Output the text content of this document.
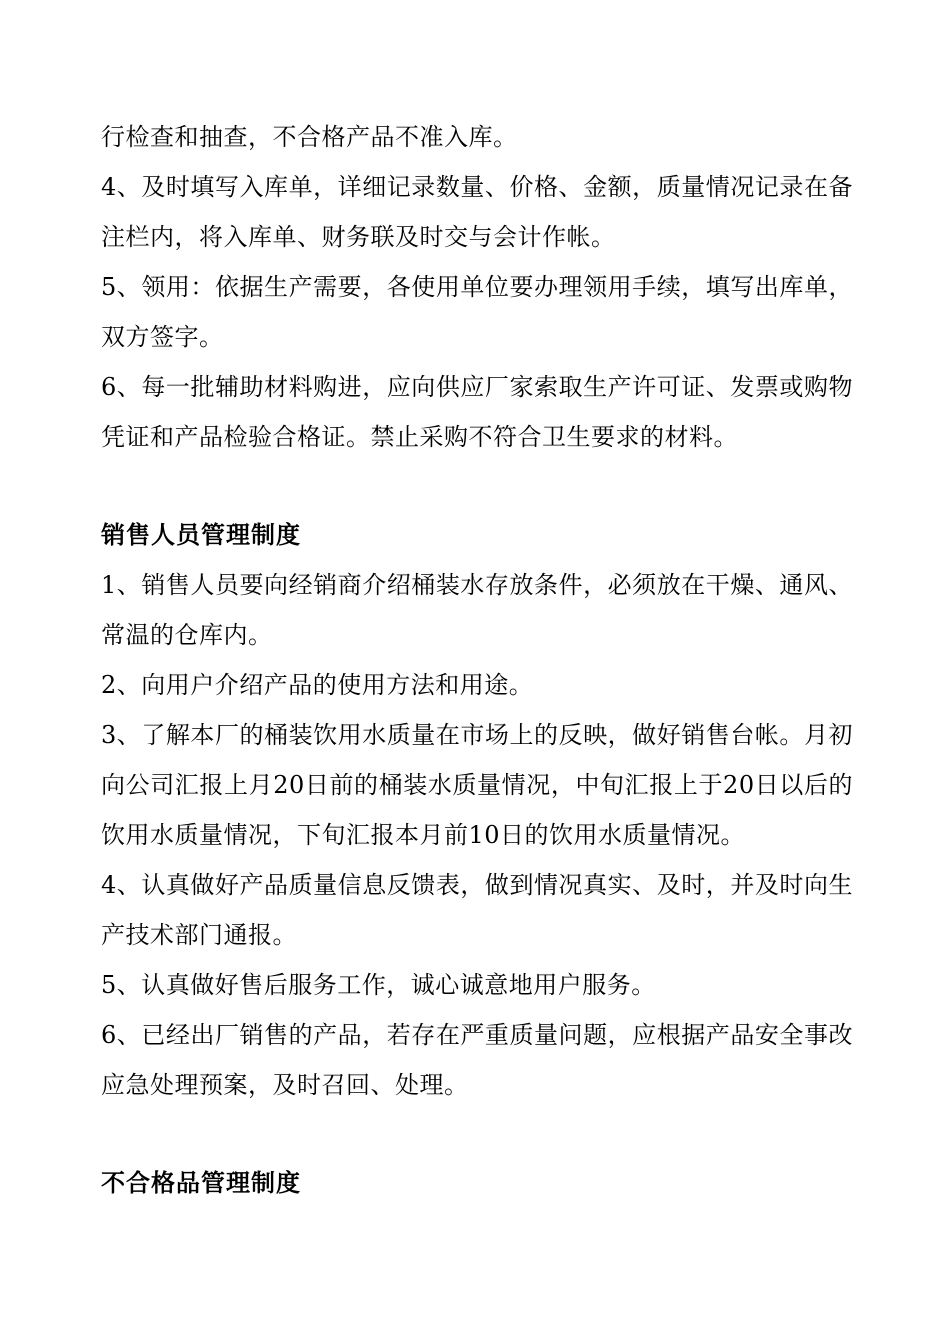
行检查和抽查，不合格产品不准入库。

4、及时填写入库单，详细记录数量、价格、金额，质量情况记录在备注栏内，将入库单、财务联及时交与会计作帐。

5、领用：依据生产需要，各使用单位要办理领用手续，填写出库单，双方签字。

6、每一批辅助材料购进，应向供应厂家索取生产许可证、发票或购物凭证和产品检验合格证。禁止采购不符合卫生要求的材料。

销售人员管理制度

1、销售人员要向经销商介绍桶装水存放条件，必须放在干燥、通风、常温的仓库内。

2、向用户介绍产品的使用方法和用途。

3、了解本厂的桶装饮用水质量在市场上的反映，做好销售台帐。月初向公司汇报上月20日前的桶装水质量情况，中旬汇报上于20日以后的饮用水质量情况，下旬汇报本月前10日的饮用水质量情况。

4、认真做好产品质量信息反馈表，做到情况真实、及时，并及时向生产技术部门通报。

5、认真做好售后服务工作，诚心诚意地用户服务。

6、已经出厂销售的产品，若存在严重质量问题，应根据产品安全事改应急处理预案，及时召回、处理。

不合格品管理制度
